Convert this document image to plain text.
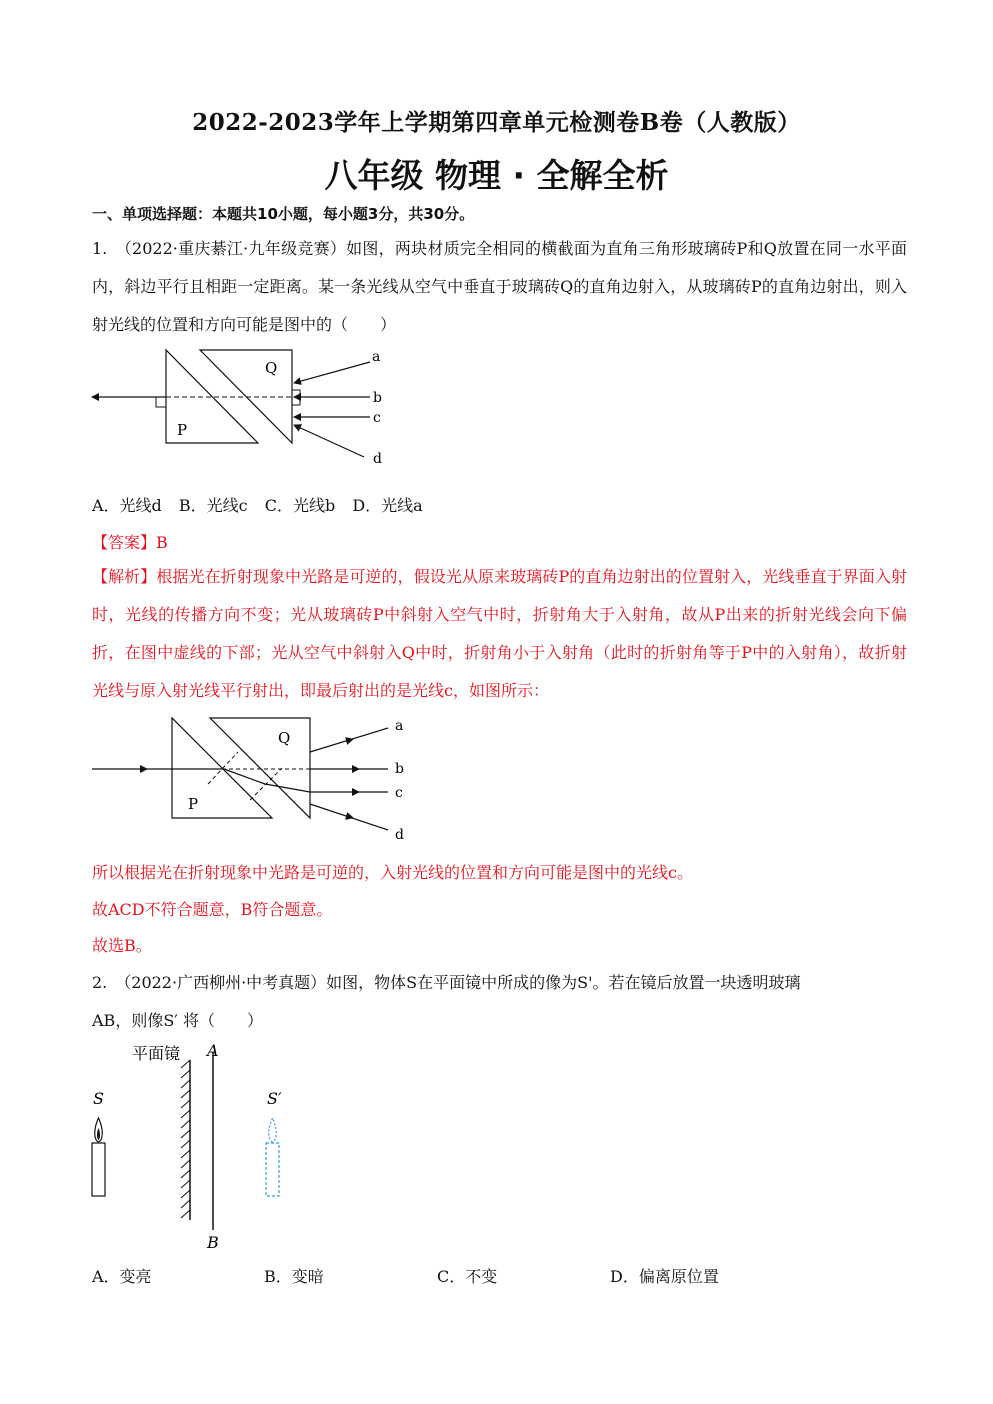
2022-2023学年上学期第四章单元检测卷B卷（人教版）
八年级 物理 · 全解全析
一、单项选择题：本题共10小题，每小题3分，共30分。
1.　（2022·重庆綦江·九年级竞赛）如图，两块材质完全相同的横截面为直角三角形玻璃砖P和Q放置在同一水平面内，斜边平行且相距一定距离。某一条光线从空气中垂直于玻璃砖Q的直角边射入，从玻璃砖P的直角边射出，则入射光线的位置和方向可能是图中的（　　）
P
Q
a
b
c
d
A．光线d B．光线c C．光线b D．光线a
【答案】B
【解析】根据光在折射现象中光路是可逆的，假设光从原来玻璃砖P的直角边射出的位置射入，光线垂直于界面入射时，光线的传播方向不变；光从玻璃砖P中斜射入空气中时，折射角大于入射角，故从P出来的折射光线会向下偏折，在图中虚线的下部；光从空气中斜射入Q中时，折射角小于入射角（此时的折射角等于P中的入射角），故折射光线与原入射光线平行射出，即最后射出的是光线c，如图所示：
P
Q
a
b
c
d
所以根据光在折射现象中光路是可逆的，入射光线的位置和方向可能是图中的光线c。
故ACD不符合题意，B符合题意。
故选B。
2.　（2022·广西柳州·中考真题）如图，物体S在平面镜中所成的像为S'。若在镜后放置一块透明玻璃
AB，则像S′ 将（　　）
平面镜 A
B
S	S′
A．变亮	B．变暗	C．不变	D．偏离原位置
